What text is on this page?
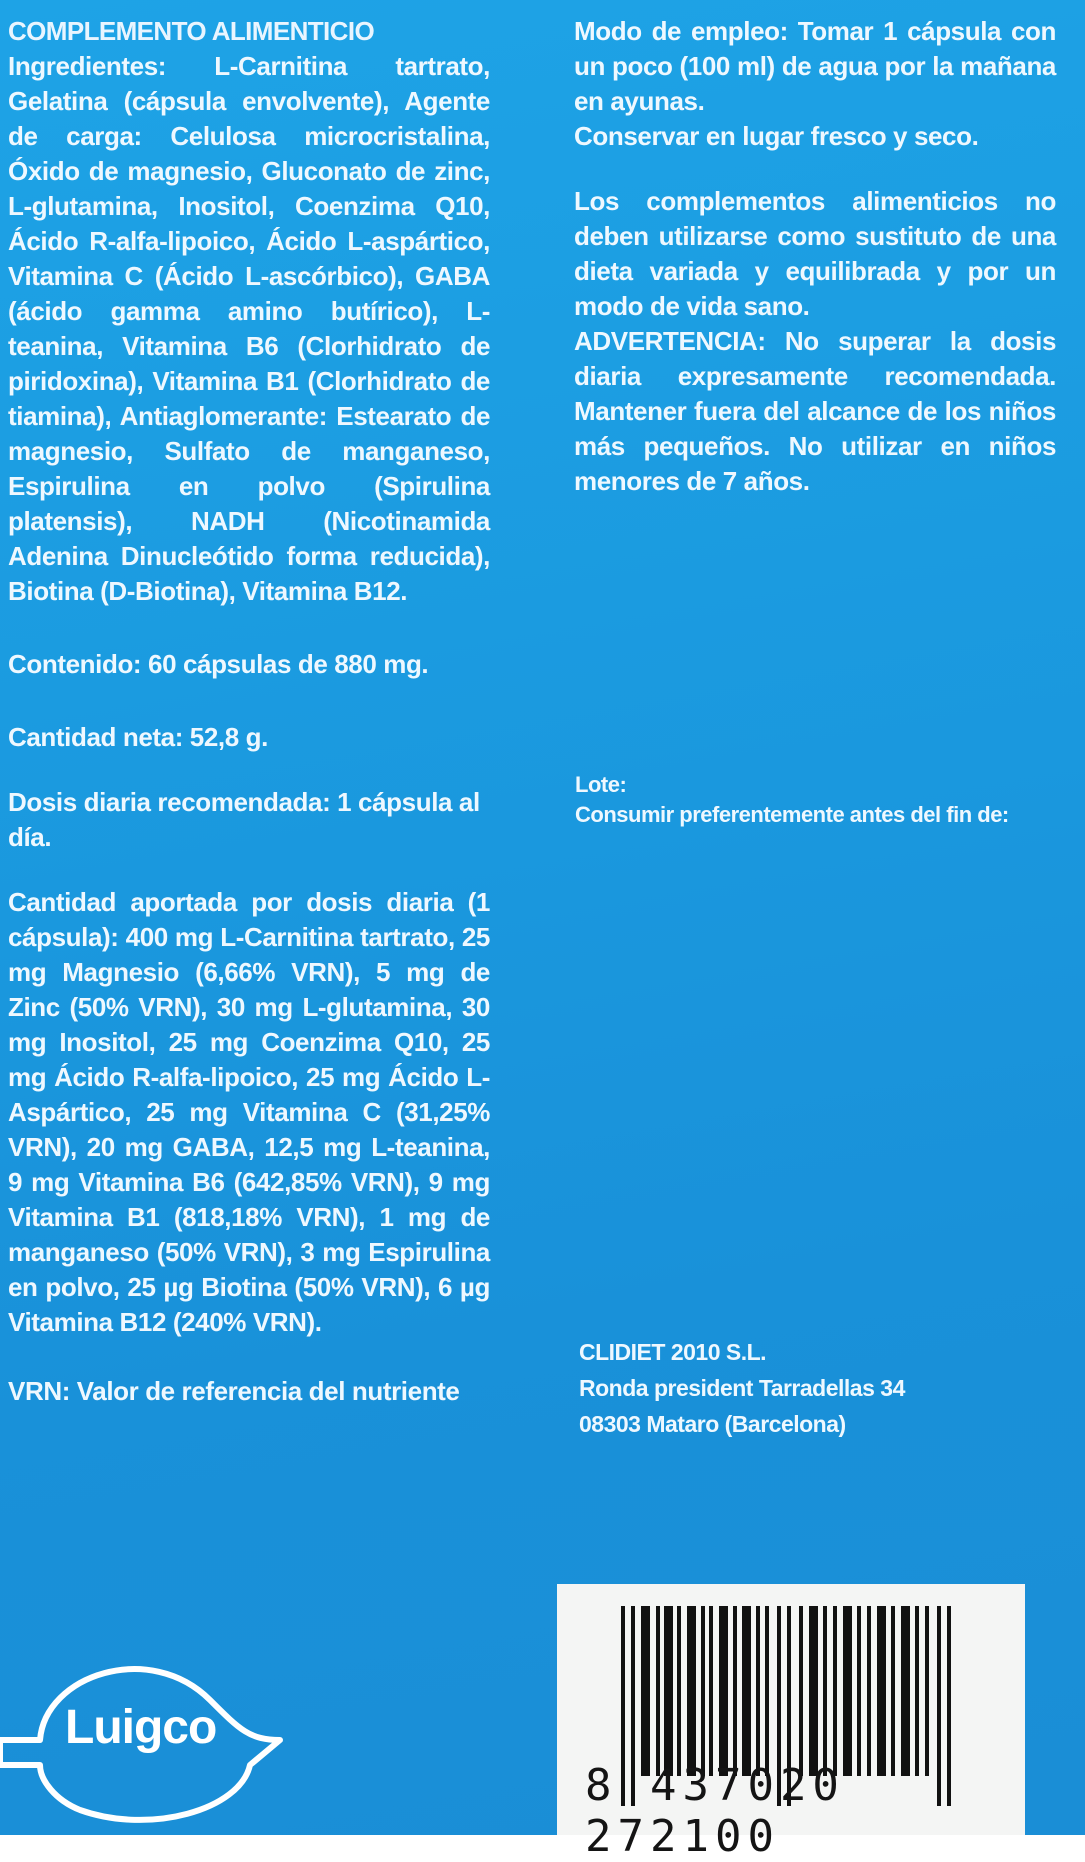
COMPLEMENTO ALIMENTICIO

Ingredientes: L-Carnitina tartrato, Gelatina (cápsula envolvente), Agente de carga: Celulosa microcristalina, Óxido de magnesio, Gluconato de zinc, L-glutamina, Inositol, Coenzima Q10, Ácido R-alfa-lipoico, Ácido L-aspártico, Vitamina C (Ácido L-ascórbico), GABA (ácido gamma amino butírico), L-teanina, Vitamina B6 (Clorhidrato de piridoxina), Vitamina B1 (Clorhidrato de tiamina), Antiaglomerante: Estearato de magnesio, Sulfato de manganeso, Espirulina en polvo (Spirulina platensis), NADH (Nicotinamida Adenina Dinucleótido forma reducida), Biotina (D-Biotina), Vitamina B12.

Contenido: 60 cápsulas de 880 mg.

Cantidad neta: 52,8 g.

Dosis diaria recomendada: 1 cápsula al día.

Cantidad aportada por dosis diaria (1 cápsula): 400 mg L-Carnitina tartrato, 25 mg Magnesio (6,66% VRN), 5 mg de Zinc (50% VRN), 30 mg L-glutamina, 30 mg Inositol, 25 mg Coenzima Q10, 25 mg Ácido R-alfa-lipoico, 25 mg Ácido L-Aspártico, 25 mg Vitamina C (31,25% VRN), 20 mg GABA, 12,5 mg L-teanina, 9 mg Vitamina B6 (642,85% VRN), 9 mg Vitamina B1 (818,18% VRN), 1 mg de manganeso (50% VRN), 3 mg Espirulina en polvo, 25 µg Biotina (50% VRN), 6 µg Vitamina B12 (240% VRN).

VRN: Valor de referencia del nutriente

Modo de empleo: Tomar 1 cápsula con un poco (100 ml) de agua por la mañana en ayunas.

Conservar en lugar fresco y seco.

Los complementos alimenticios no deben utilizarse como sustituto de una dieta variada y equilibrada y por un modo de vida sano.

ADVERTENCIA: No superar la dosis diaria expresamente recomendada. Mantener fuera del alcance de los niños más pequeños. No utilizar en niños menores de 7 años.

Lote:

Consumir preferentemente antes del fin de:

CLIDIET 2010 S.L.
Ronda president Tarradellas 34
08303 Mataro (Barcelona)
Luigco
8 437020 272100
